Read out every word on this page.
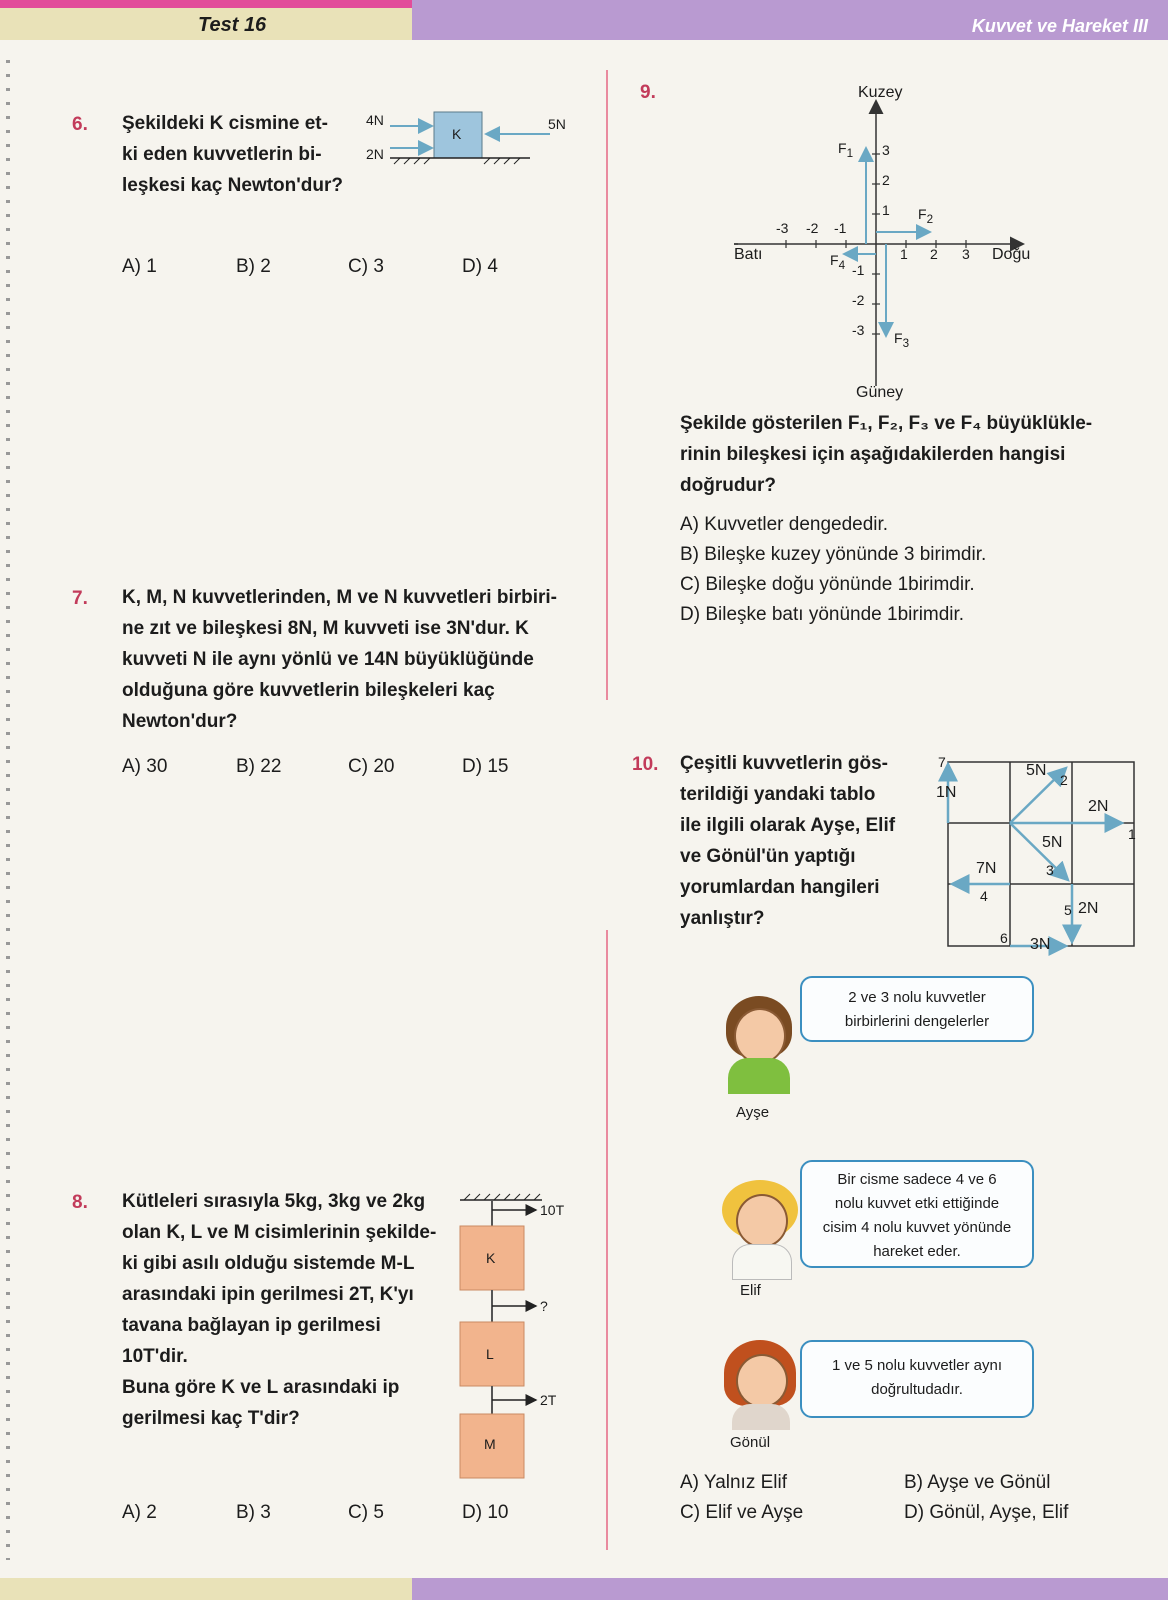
Test 16	Kuvvet ve Hareket III
6. Şekildeki K cismine et-
ki eden kuvvetlerin bi-
leşkesi kaç Newton'dur?
K
4N
2N
5N
A) 1	B) 2	C) 3	D) 4
7. K, M, N kuvvetlerinden, M ve N kuvvetleri birbiri-
ne zıt ve bileşkesi 8N, M kuvveti ise 3N'dur. K
kuvveti N ile aynı yönlü ve 14N büyüklüğünde
olduğuna göre kuvvetlerin bileşkeleri kaç
Newton'dur?
A) 30	B) 22	C) 20	D) 15
8. Kütleleri sırasıyla 5kg, 3kg ve 2kg
olan K, L ve M cisimlerinin şekilde-
ki gibi asılı olduğu sistemde M-L
arasındaki ipin gerilmesi 2T, K'yı
tavana bağlayan ip gerilmesi
10T'dir.
Buna göre K ve L arasındaki ip
gerilmesi kaç T'dir?
K
L
M
10T
?
2T
A) 2	B) 3	C) 5	D) 10
9.	Kuzey
Güney
Batı	Doğu
1 2 3
-1
-2
-3
1
2
3
-1
-2
-3
$F_1$
$F_2$
$F_3$
$F_4$
Şekilde gösterilen F₁, F₂, F₃ ve F₄ büyüklükle-
rinin bileşkesi için aşağıdakilerden hangisi
doğrudur?
A) Kuvvetler dengededir.
B) Bileşke kuzey yönünde 3 birimdir.
C) Bileşke doğu yönünde 1birimdir.
D) Bileşke batı yönünde 1birimdir.
10. Çeşitli kuvvetlerin gös-
terildiği yandaki tablo
ile ilgili olarak Ayşe, Elif
ve Gönül'ün yaptığı
yorumlardan hangileri
yanlıştır?
7
1N
5N
2
2N
1
5N
3
7N
4
5 2N
6 3N
Ayşe
2 ve 3 nolu kuvvetler
birbirlerini dengelerler
Elif
Bir cisme sadece 4 ve 6
nolu kuvvet etki ettiğinde
cisim 4 nolu kuvvet yönünde
hareket eder.
Gönül
1 ve 5 nolu kuvvetler aynı
doğrultudadır.
A) Yalnız Elif	B) Ayşe ve Gönül
C) Elif ve Ayşe	D) Gönül, Ayşe, Elif
